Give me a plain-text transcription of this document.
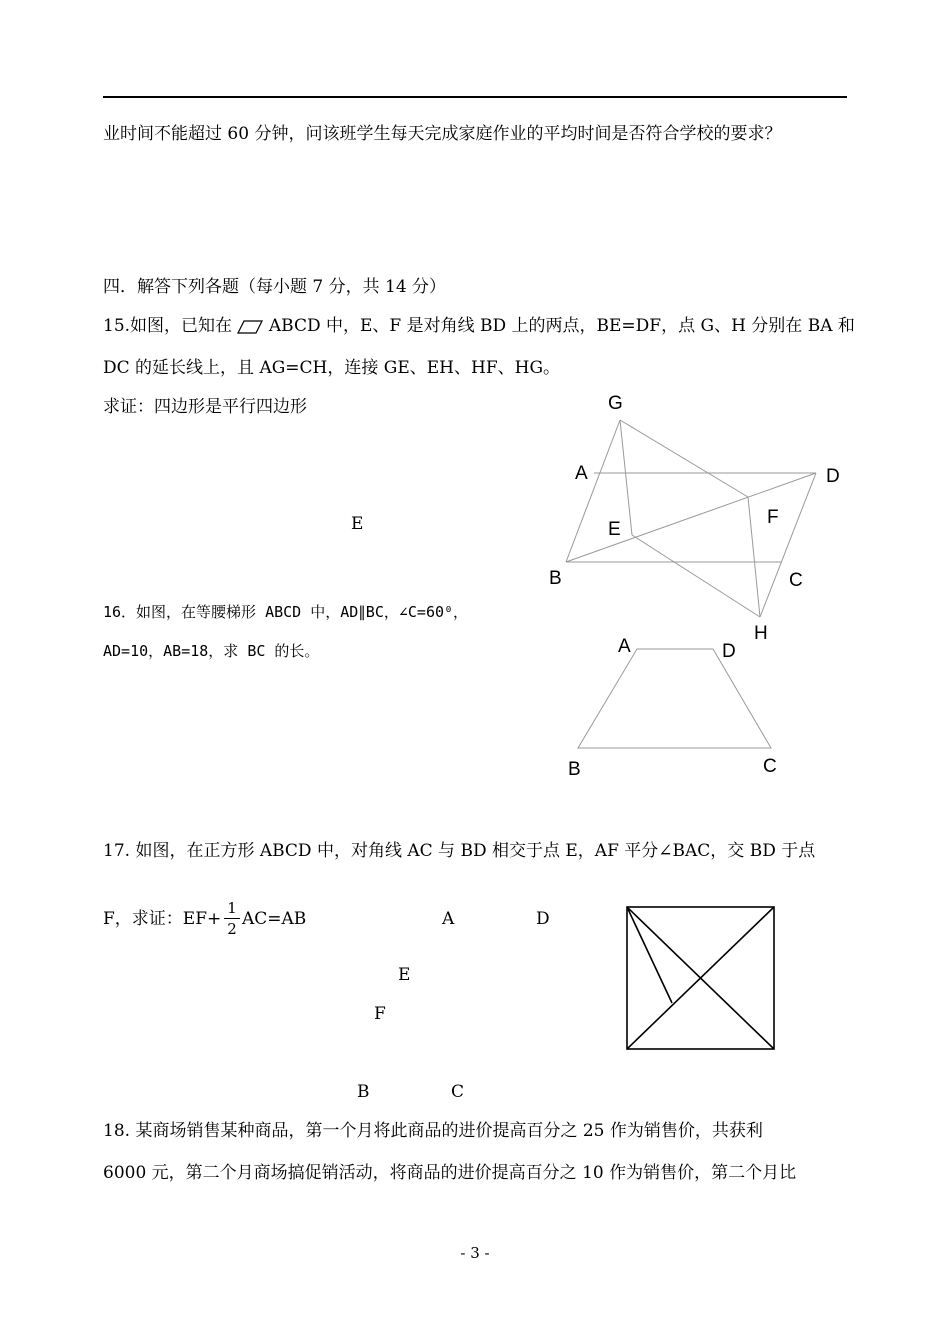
业时间不能超过 60 分钟，问该班学生每天完成家庭作业的平均时间是否符合学校的要求？
四．解答下列各题（每小题 7 分，共 14 分）
15.如图，已知在 ABCD 中，E、F 是对角线 BD 上的两点，BE=DF，点 G、H 分别在 BA 和
DC 的延长线上，且 AG=CH，连接 GE、EH、HF、HG。
求证：四边形是平行四边形
E
G
A	D
F
E
B	C
H
16．如图，在等腰梯形 ABCD 中，AD∥BC，∠C=60⁰，
AD=10，AB=18，求 BC 的长。	A	D
B	C
17. 如图，在正方形 ABCD 中，对角线 AC 与 BD 相交于点 E，AF 平分∠BAC，交 BD 于点
F，求证：EF+
1
2 AC=AB	A	D
E
F
B	C
18. 某商场销售某种商品，第一个月将此商品的进价提高百分之 25 作为销售价，共获利
6000 元，第二个月商场搞促销活动，将商品的进价提高百分之 10 作为销售价，第二个月比
- 3 -
